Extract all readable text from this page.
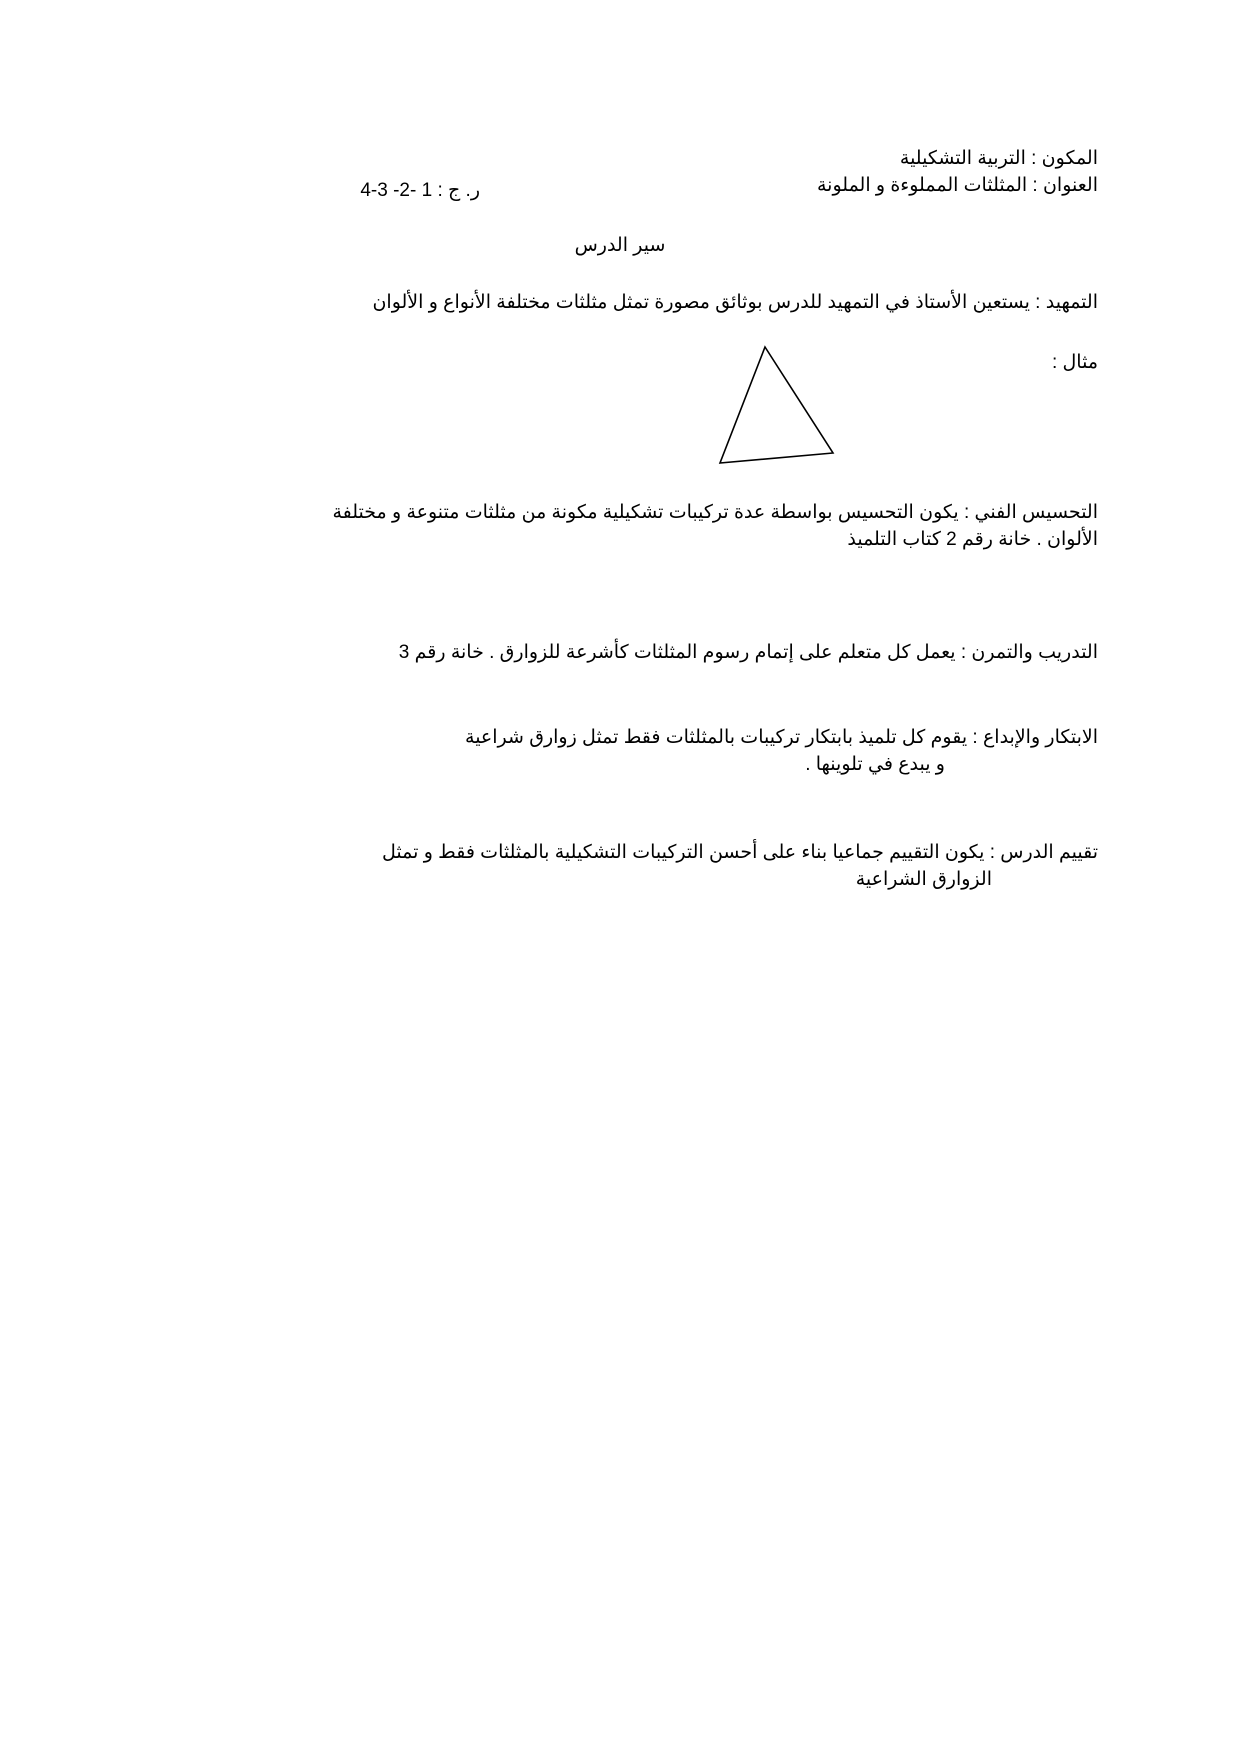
المكون : التربية التشكيلية
العنوان : المثلثات المملوءة و الملونة
ر. ج : 4-3 -2- 1
سير الدرس
التمهيد : يستعين الأستاذ في التمهيد للدرس بوثائق مصورة تمثل مثلثات مختلفة الأنواع و الألوان
مثال :
التحسيس الفني : يكون التحسيس بواسطة عدة تركيبات تشكيلية مكونة من مثلثات متنوعة و مختلفة
الألوان . خانة رقم 2 كتاب التلميذ
التدريب والتمرن : يعمل كل متعلم على إتمام رسوم المثلثات كأشرعة للزوارق . خانة رقم 3
الابتكار والإبداع : يقوم كل تلميذ بابتكار تركيبات بالمثلثات فقط تمثل زوارق شراعية
و يبدع في تلوينها .
تقييم الدرس : يكون التقييم جماعيا بناء على أحسن التركيبات التشكيلية بالمثلثات فقط و تمثل
الزوارق الشراعية
